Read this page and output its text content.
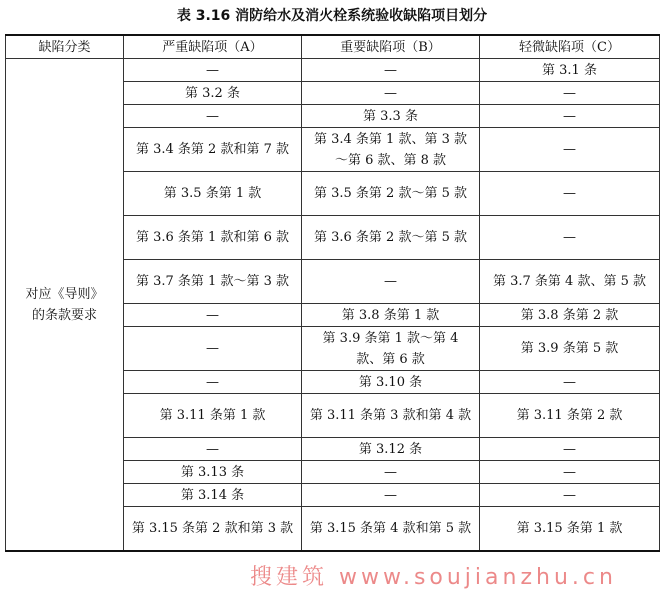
表 3.16 消防给水及消火栓系统验收缺陷项目划分
缺陷分类	严重缺陷项（A）	重要缺陷项（B）	轻微缺陷项（C）

对应《导则》
的条款要求	—	—	第 3.1 条
	第 3.2 条	—	—
	—	第 3.3 条	—
	第 3.4 条第 2 款和第 7 款	第 3.4 条第 1 款、第 3 款～第 6 款、第 8 款	—
	第 3.5 条第 1 款	第 3.5 条第 2 款～第 5 款	—
	第 3.6 条第 1 款和第 6 款	第 3.6 条第 2 款～第 5 款	—
	第 3.7 条第 1 款～第 3 款	—	第 3.7 条第 4 款、第 5 款
	—	第 3.8 条第 1 款	第 3.8 条第 2 款
	—	第 3.9 条第 1 款～第 4 款、第 6 款	第 3.9 条第 5 款
	—	第 3.10 条	—
	第 3.11 条第 1 款	第 3.11 条第 3 款和第 4 款	第 3.11 条第 2 款
	—	第 3.12 条	—
	第 3.13 条	—	—
	第 3.14 条	—	—
	第 3.15 条第 2 款和第 3 款	第 3.15 条第 4 款和第 5 款	第 3.15 条第 1 款
搜建筑 www.soujianzhu.cn
